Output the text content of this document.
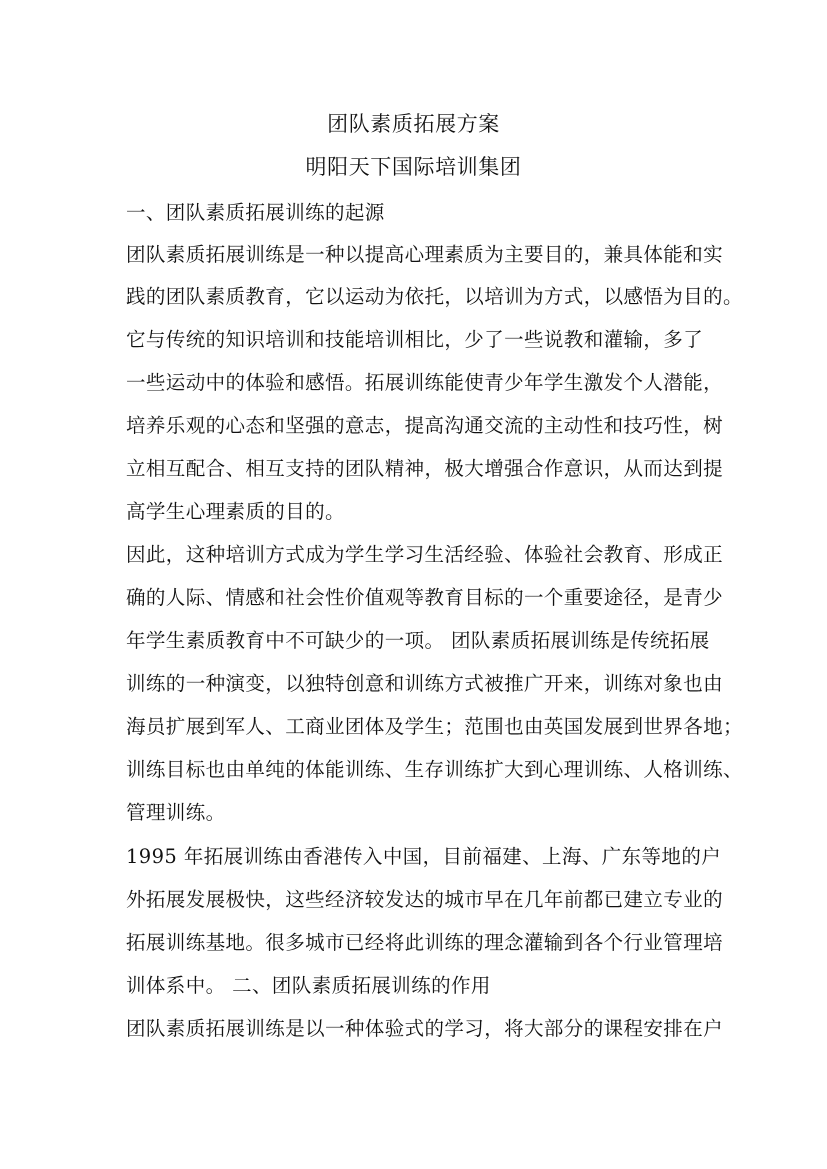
团队素质拓展方案
明阳天下国际培训集团
一、团队素质拓展训练的起源
团队素质拓展训练是一种以提高心理素质为主要目的，兼具体能和实
践的团队素质教育，它以运动为依托，以培训为方式，以感悟为目的。
它与传统的知识培训和技能培训相比，少了一些说教和灌输，多了
一些运动中的体验和感悟。拓展训练能使青少年学生激发个人潜能，
培养乐观的心态和坚强的意志，提高沟通交流的主动性和技巧性，树
立相互配合、相互支持的团队精神，极大增强合作意识，从而达到提
高学生心理素质的目的。
因此，这种培训方式成为学生学习生活经验、体验社会教育、形成正
确的人际、情感和社会性价值观等教育目标的一个重要途径，是青少
年学生素质教育中不可缺少的一项。 团队素质拓展训练是传统拓展
训练的一种演变，以独特创意和训练方式被推广开来，训练对象也由
海员扩展到军人、工商业团体及学生；范围也由英国发展到世界各地；
训练目标也由单纯的体能训练、生存训练扩大到心理训练、人格训练、
管理训练。
1995 年拓展训练由香港传入中国，目前福建、上海、广东等地的户
外拓展发展极快，这些经济较发达的城市早在几年前都已建立专业的
拓展训练基地。很多城市已经将此训练的理念灌输到各个行业管理培
训体系中。 二、团队素质拓展训练的作用
团队素质拓展训练是以一种体验式的学习，将大部分的课程安排在户
